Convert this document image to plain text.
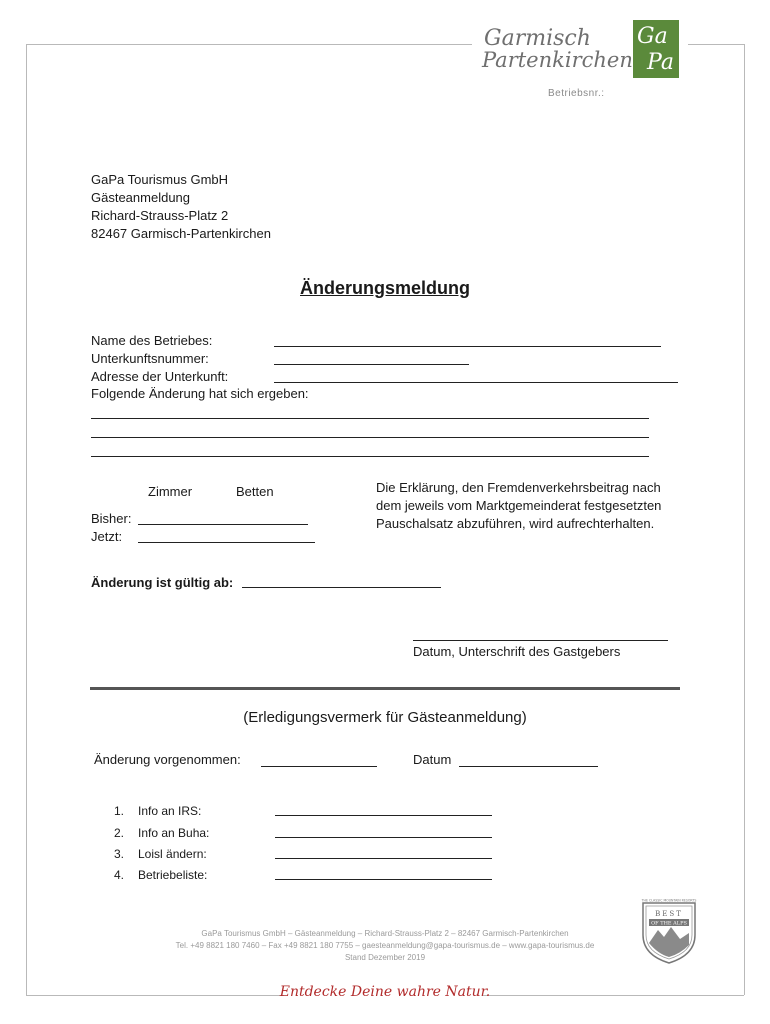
Garmisch
Partenkirchen
Ga
Pa
Betriebsnr.:
GaPa Tourismus GmbH
Gästeanmeldung
Richard-Strauss-Platz 2
82467 Garmisch-Partenkirchen
Änderungsmeldung
Name des Betriebes:
Unterkunftsnummer:
Adresse der Unterkunft:
Folgende Änderung hat sich ergeben:
Zimmer	Betten
Bisher:
Jetzt:
Die Erklärung, den Fremdenverkehrsbeitrag nach
dem jeweils vom Marktgemeinderat festgesetzten
Pauschalsatz abzuführen, wird aufrechterhalten.
Änderung ist gültig ab:
Datum, Unterschrift des Gastgebers
(Erledigungsvermerk für Gästeanmeldung)
Änderung vorgenommen:	Datum
1. Info an IRS:
2. Info an Buha:
3. Loisl ändern:
4. Betriebeliste:
THE CLASSIC MOUNTAIN RESORTS
BEST
OF THE ALPS
GaPa Tourismus GmbH – Gästeanmeldung – Richard-Strauss-Platz 2 – 82467 Garmisch-Partenkirchen
Tel. +49 8821 180 7460 – Fax +49 8821 180 7755 – gaesteanmeldung@gapa-tourismus.de – www.gapa-tourismus.de
Stand Dezember 2019
Entdecke Deine wahre Natur.
